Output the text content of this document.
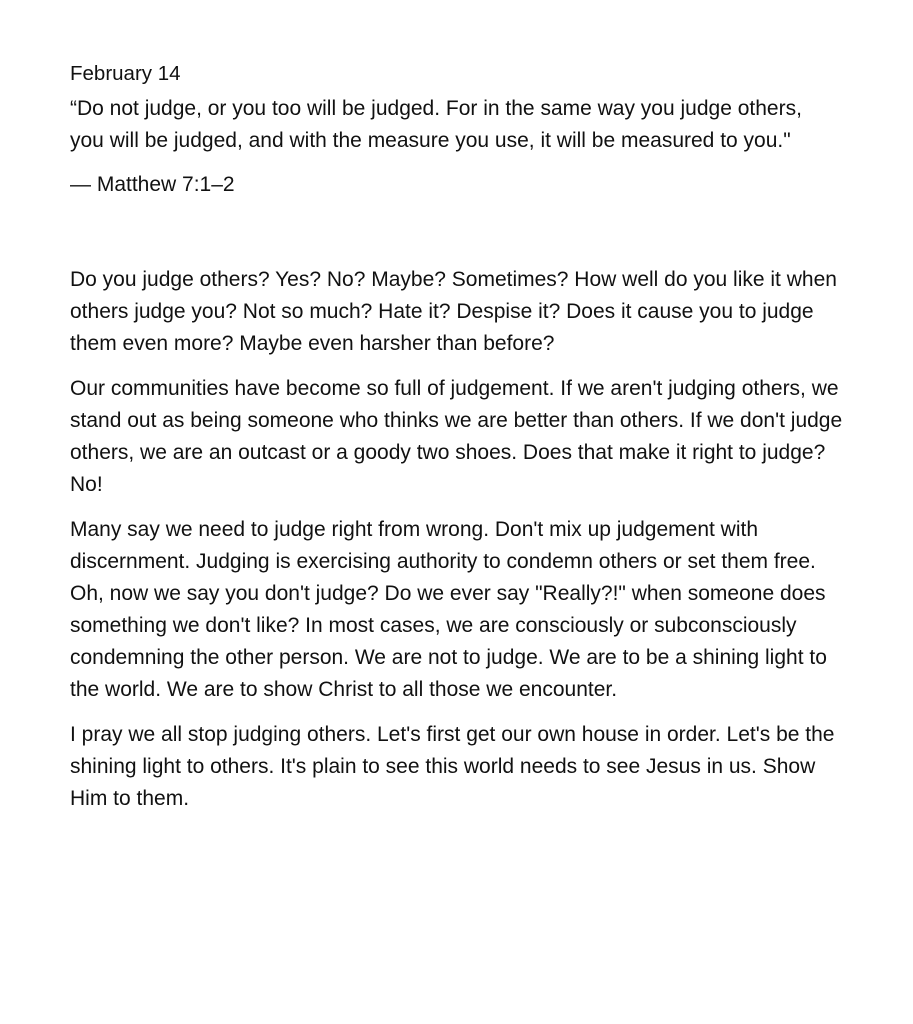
February 14

“Do not judge, or you too will be judged. For in the same way you judge others, you will be judged, and with the measure you use, it will be measured to you."

— Matthew 7:1–2

Do you judge others? Yes? No? Maybe? Sometimes? How well do you like it when others judge you? Not so much? Hate it? Despise it? Does it cause you to judge them even more? Maybe even harsher than before?

Our communities have become so full of judgement. If we aren't judging others, we stand out as being someone who thinks we are better than others. If we don't judge others, we are an outcast or a goody two shoes. Does that make it right to judge? No!

Many say we need to judge right from wrong. Don't mix up judgement with discernment. Judging is exercising authority to condemn others or set them free. Oh, now we say you don't judge? Do we ever say "Really?!" when someone does something we don't like? In most cases, we are consciously or subconsciously condemning the other person. We are not to judge. We are to be a shining light to the world. We are to show Christ to all those we encounter.

I pray we all stop judging others. Let's first get our own house in order. Let's be the shining light to others. It's plain to see this world needs to see Jesus in us. Show Him to them.
